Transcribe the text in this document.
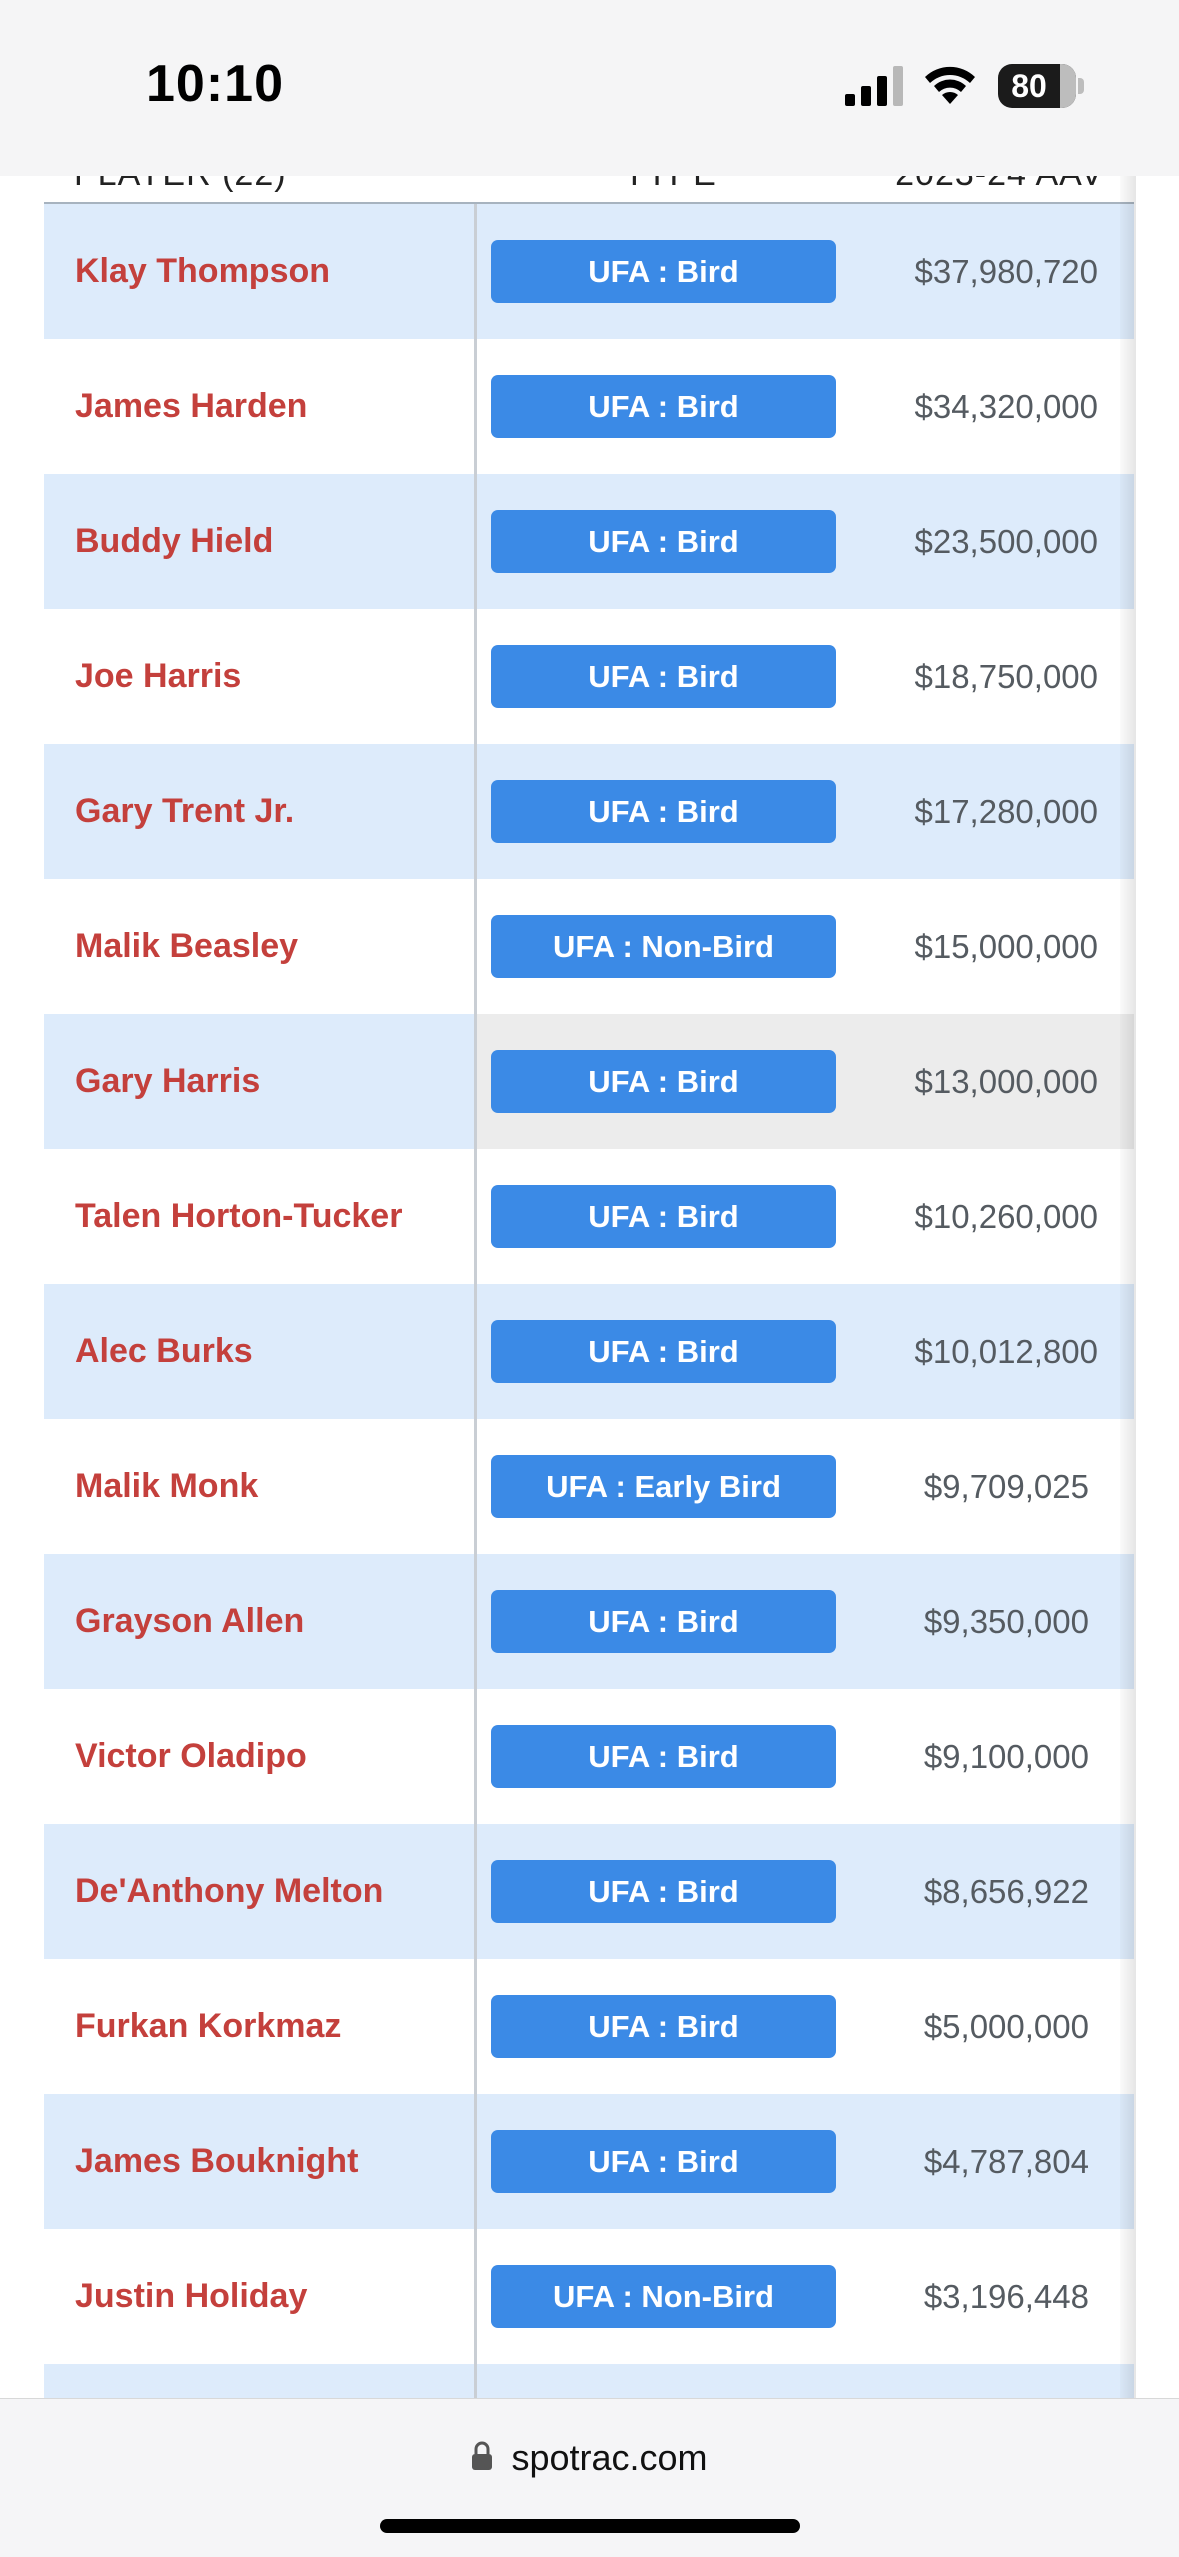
Klay Thompson	UFA : Bird	$37,980,720
James Harden	UFA : Bird	$34,320,000
Buddy Hield	UFA : Bird	$23,500,000
Joe Harris	UFA : Bird	$18,750,000
Gary Trent Jr.	UFA : Bird	$17,280,000
Malik Beasley	UFA : Non-Bird	$15,000,000
Gary Harris	UFA : Bird	$13,000,000
Talen Horton-Tucker	UFA : Bird	$10,260,000
Alec Burks	UFA : Bird	$10,012,800
Malik Monk	UFA : Early Bird	$9,709,025
Grayson Allen	UFA : Bird	$9,350,000
Victor Oladipo	UFA : Bird	$9,100,000
De'Anthony Melton	UFA : Bird	$8,656,922
Furkan Korkmaz	UFA : Bird	$5,000,000
James Bouknight	UFA : Bird	$4,787,804
Justin Holiday	UFA : Non-Bird	$3,196,448
10:10	80
spotrac.com
